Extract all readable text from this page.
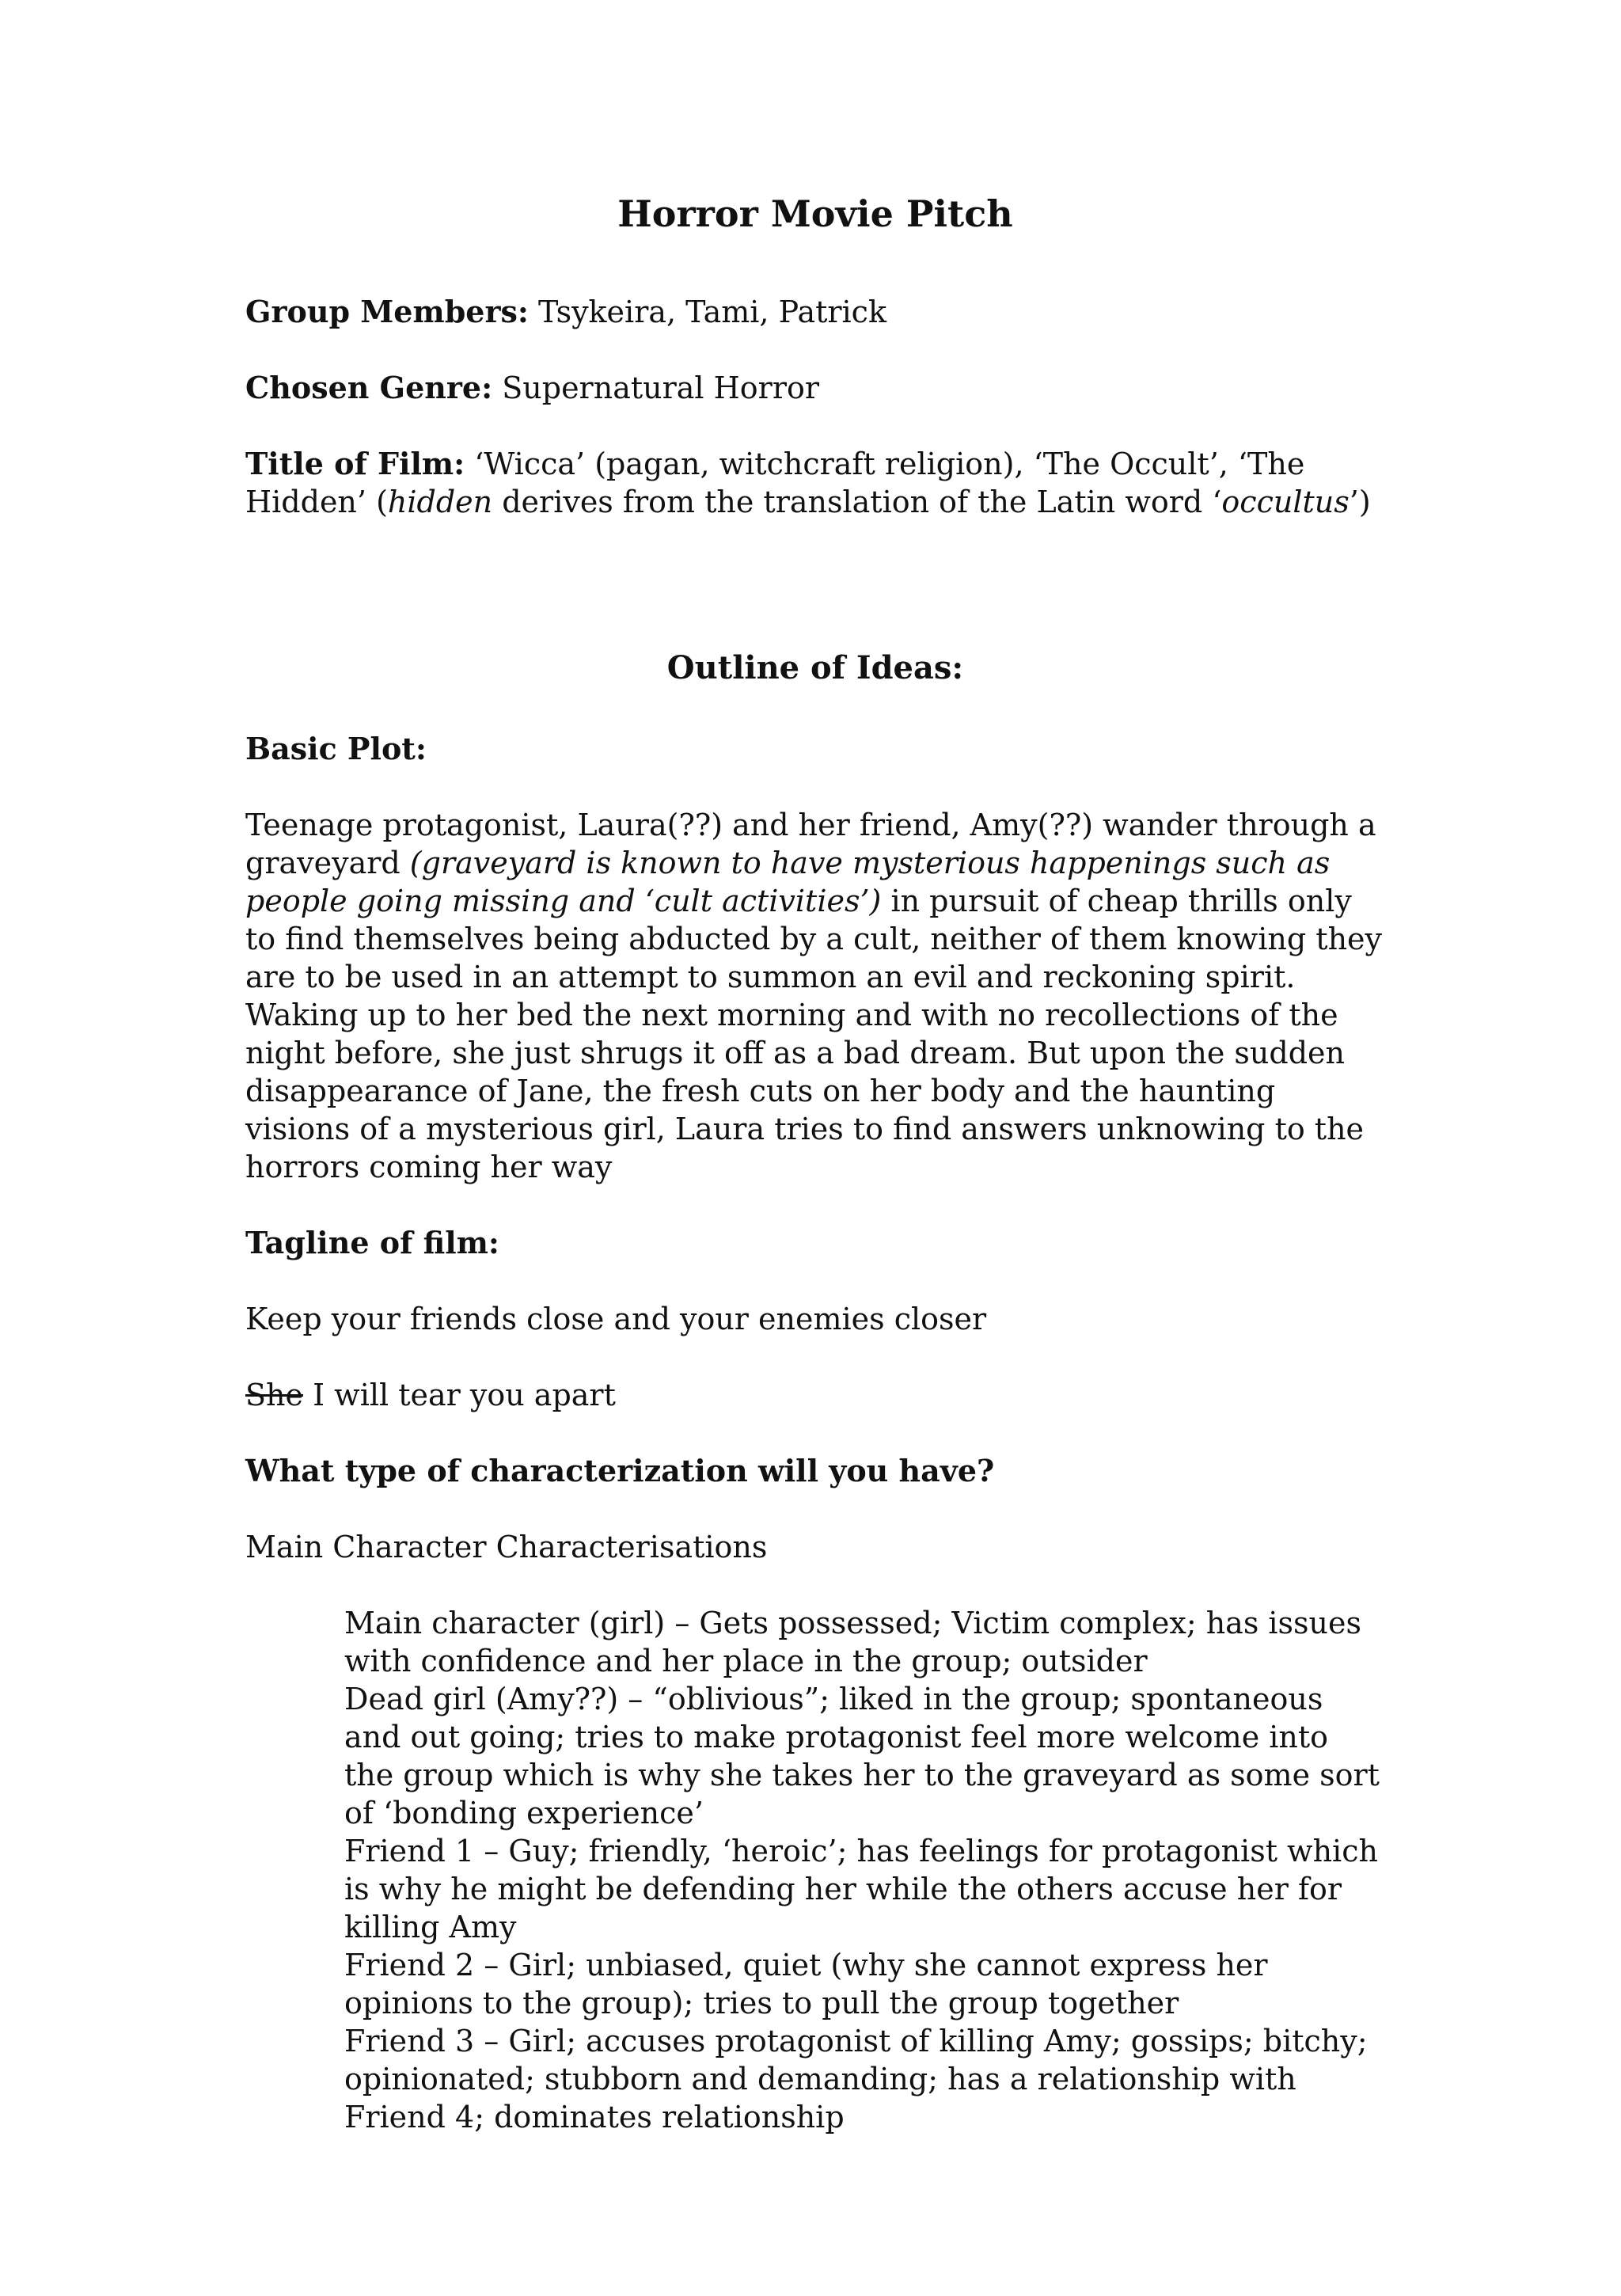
Horror Movie Pitch

Group Members: Tsykeira, Tami, Patrick

Chosen Genre: Supernatural Horror

Title of Film: ‘Wicca’ (pagan, witchcraft religion), ‘The Occult’, ‘The Hidden’ (hidden derives from the translation of the Latin word ‘occultus’)

Outline of Ideas:

Basic Plot:

Teenage protagonist, Laura(??) and her friend, Amy(??) wander through a graveyard (graveyard is known to have mysterious happenings such as people going missing and ‘cult activities’) in pursuit of cheap thrills only to find themselves being abducted by a cult, neither of them knowing they are to be used in an attempt to summon an evil and reckoning spirit. Waking up to her bed the next morning and with no recollections of the night before, she just shrugs it off as a bad dream. But upon the sudden disappearance of Jane, the fresh cuts on her body and the haunting visions of a mysterious girl, Laura tries to find answers unknowing to the horrors coming her way

Tagline of film:

Keep your friends close and your enemies closer

She I will tear you apart

What type of characterization will you have?

Main Character Characterisations

Main character (girl) – Gets possessed; Victim complex; has issues with confidence and her place in the group; outsider

Dead girl (Amy??) – “oblivious”; liked in the group; spontaneous and out going; tries to make protagonist feel more welcome into the group which is why she takes her to the graveyard as some sort of ‘bonding experience’

Friend 1 – Guy; friendly, ‘heroic’; has feelings for protagonist which is why he might be defending her while the others accuse her for killing Amy

Friend 2 – Girl; unbiased, quiet (why she cannot express her opinions to the group); tries to pull the group together

Friend 3 – Girl; accuses protagonist of killing Amy; gossips; bitchy; opinionated; stubborn and demanding; has a relationship with Friend 4; dominates relationship
